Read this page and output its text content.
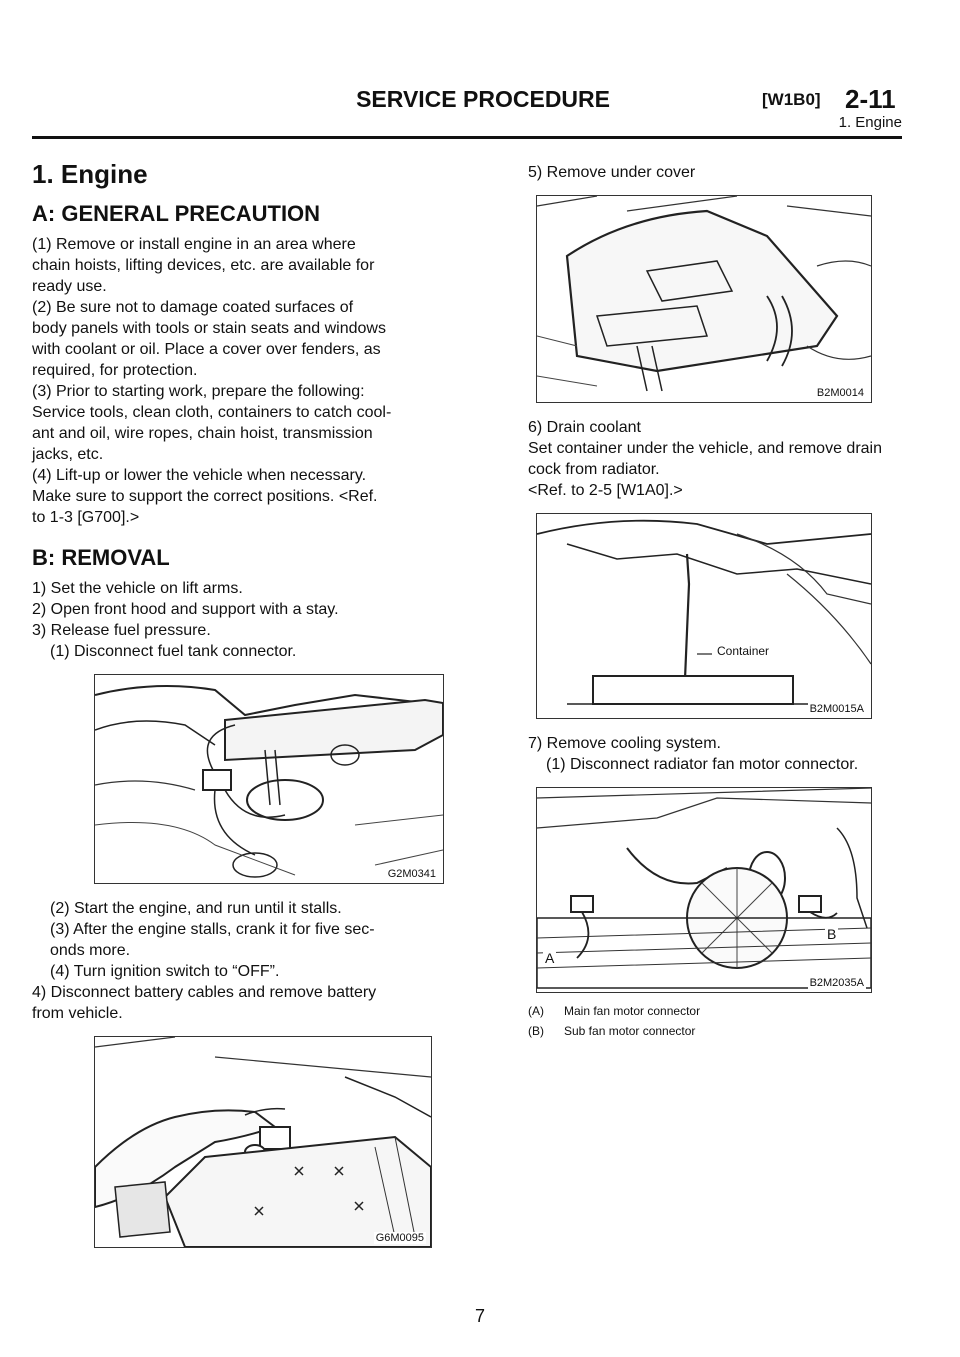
SERVICE PROCEDURE	[W1B0] 2-11
1. Engine
1. Engine
A: GENERAL PRECAUTION

(1) Remove or install engine in an area where

chain hoists, lifting devices, etc. are available for

ready use.

(2) Be sure not to damage coated surfaces of

body panels with tools or stain seats and windows

with coolant or oil. Place a cover over fenders, as

required, for protection.

(3) Prior to starting work, prepare the following:

Service tools, clean cloth, containers to catch cool-

ant and oil, wire ropes, chain hoist, transmission

jacks, etc.

(4) Lift-up or lower the vehicle when necessary.

Make sure to support the correct positions. <Ref.

to 1-3 [G700].>

B: REMOVAL

1) Set the vehicle on lift arms.

2) Open front hood and support with a stay.

3) Release fuel pressure.

(1) Disconnect fuel tank connector.

G2M0341

(2) Start the engine, and run until it stalls.

(3) After the engine stalls, crank it for five sec-

onds more.

(4) Turn ignition switch to “OFF”.

4) Disconnect battery cables and remove battery

from vehicle.

G6M0095

5) Remove under cover

B2M0014

6) Drain coolant

Set container under the vehicle, and remove drain

cock from radiator.

<Ref. to 2-5 [W1A0].>

Container
B2M0015A

7) Remove cooling system.

(1) Disconnect radiator fan motor connector.

A
B
B2M2035A

(A) Main fan motor connector

(B) Sub fan motor connector

7
